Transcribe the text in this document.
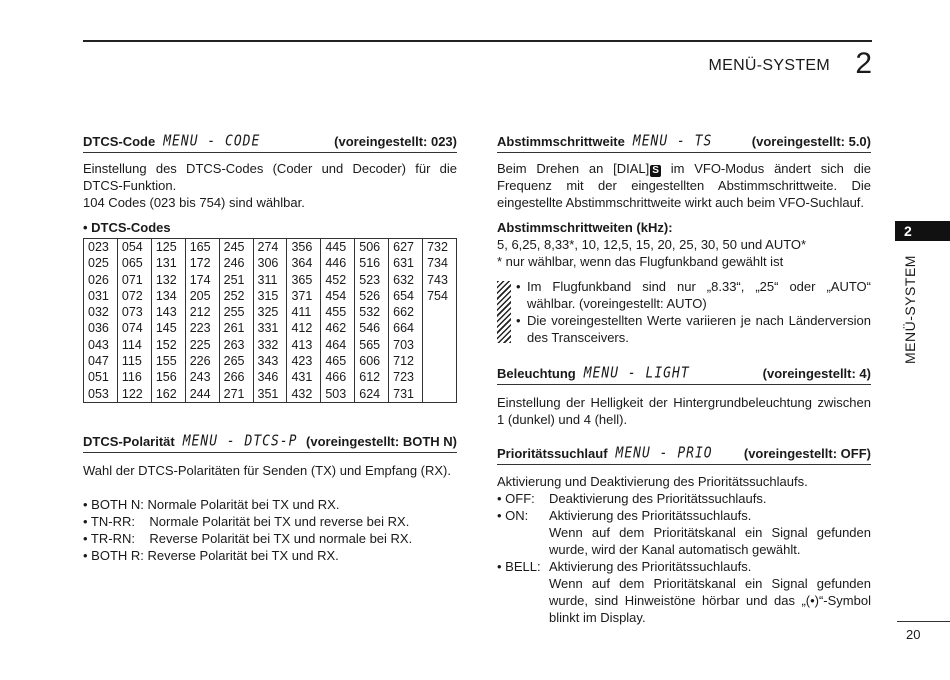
MENÜ-SYSTEM 2
DTCS-Code MENU - CODE	(voreingestellt: 023)

Einstellung des DTCS-Codes (Coder und Decoder) für die DTCS-Funktion.

104 Codes (023 bis 754) sind wählbar.

• DTCS-Codes
023	054	125	165	245	274	356	445	506	627	732
025	065	131	172	246	306	364	446	516	631	734
026	071	132	174	251	311	365	452	523	632	743
031	072	134	205	252	315	371	454	526	654	754
032	073	143	212	255	325	411	455	532	662	
036	074	145	223	261	331	412	462	546	664	
043	114	152	225	263	332	413	464	565	703	
047	115	155	226	265	343	423	465	606	712	
051	116	156	243	266	346	431	466	612	723	
053	122	162	244	271	351	432	503	624	731	
DTCS-Polarität MENU - DTCS-P (voreingestellt: BOTH N)
Wahl der DTCS-Polaritäten für Senden (TX) und Empfang (RX).
• BOTH N: Normale Polarität bei TX und RX.
• TN-RR: Normale Polarität bei TX und reverse bei RX.
• TR-RN: Reverse Polarität bei TX und normale bei RX.
• BOTH R: Reverse Polarität bei TX und RX.
Abstimmschrittweite MENU - TS	(voreingestellt: 5.0)
Beim Drehen an [DIAL] S im VFO-Modus ändert sich die Frequenz mit der eingestellten Abstimmschrittweite. Die eingestellte Abstimmschrittweite wirkt auch beim VFO-Suchlauf.
Abstimmschrittweiten (kHz):
5, 6,25, 8,33*, 10, 12,5, 15, 20, 25, 30, 50 und AUTO*
* nur wählbar, wenn das Flugfunkband gewählt ist
• Im Flugfunkband sind nur „8.33“, „25“ oder „AUTO“ wählbar. (voreingestellt: AUTO)
• Die voreingestellten Werte variieren je nach Länderversion des Transceivers.
Beleuchtung MENU - LIGHT	(voreingestellt: 4)
Einstellung der Helligkeit der Hintergrundbeleuchtung zwischen 1 (dunkel) und 4 (hell).
Prioritätssuchlauf MENU - PRIO (voreingestellt: OFF)
Aktivierung und Deaktivierung des Prioritätssuchlaufs.
• OFF:	Deaktivierung des Prioritätssuchlaufs.
• ON:	Aktivierung des Prioritätssuchlaufs.
Wenn auf dem Prioritätskanal ein Signal gefunden wurde, wird der Kanal automatisch gewählt.
• BELL: Aktivierung des Prioritätssuchlaufs.
Wenn auf dem Prioritätskanal ein Signal gefunden wurde, sind Hinweistöne hörbar und das „(•)“-Symbol blinkt im Display.
2
MENÜ-SYSTEM
20
